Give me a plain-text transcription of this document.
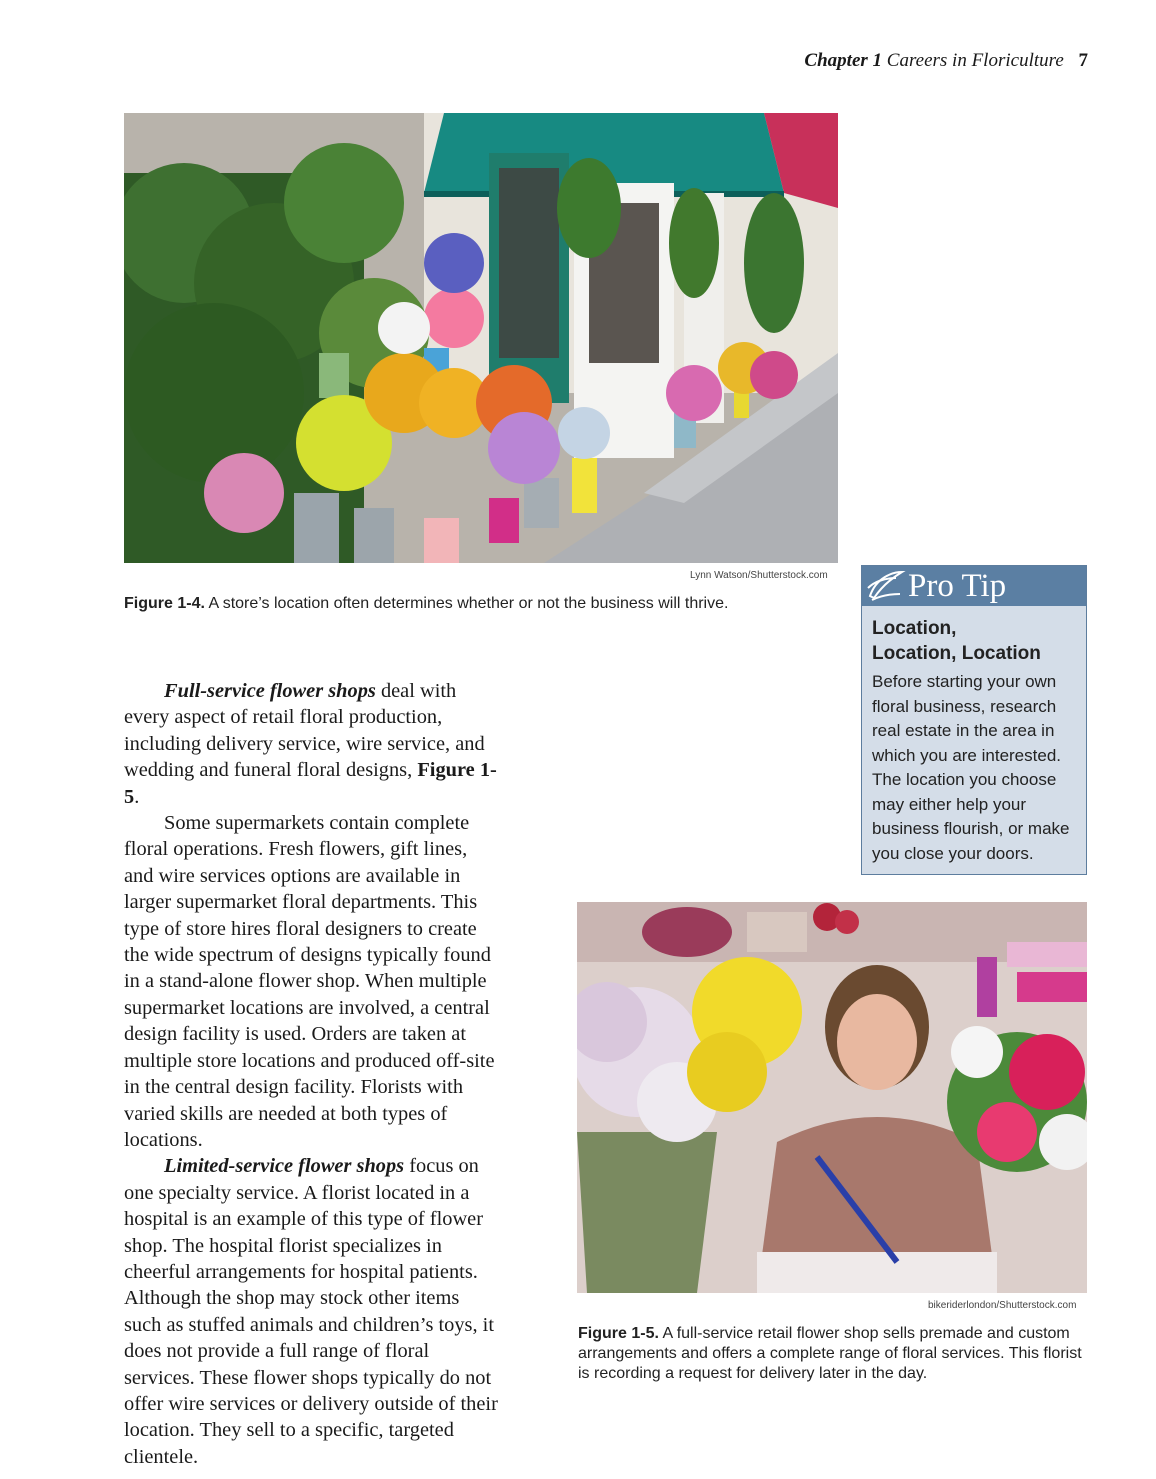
Chapter 1 Careers in Floriculture 7
Lynn Watson/Shutterstock.com
Figure 1-4. A store’s location often determines whether or not the business will thrive.

Full-service flower shops deal with every aspect of retail floral production, including delivery service, wire service, and wedding and funeral floral designs, Figure 1-5.

Some supermarkets contain complete floral operations. Fresh flowers, gift lines, and wire services options are available in larger supermarket floral departments. This type of store hires floral designers to create the wide spectrum of designs typically found in a stand-alone flower shop. When multiple supermarket locations are involved, a central design facility is used. Orders are taken at multiple store locations and produced off-site in the central design facility. Florists with varied skills are needed at both types of locations.

Limited-service flower shops focus on one specialty service. A florist located in a hospital is an example of this type of flower shop. The hospital florist specializes in cheerful arrangements for hospital patients. Although the shop may stock other items such as stuffed animals and children’s toys, it does not provide a full range of floral services. These flower shops typically do not offer wire services or delivery outside of their location. They sell to a specific, targeted clientele.

Pro Tip
Location,
Location, Location
Before starting your own floral business, research real estate in the area in which you are interested. The location you choose may either help your business flourish, or make you close your doors.
bikeriderlondon/Shutterstock.com
Figure 1-5. A full-service retail flower shop sells premade and custom arrangements and offers a complete range of floral services. This florist is recording a request for delivery later in the day.
